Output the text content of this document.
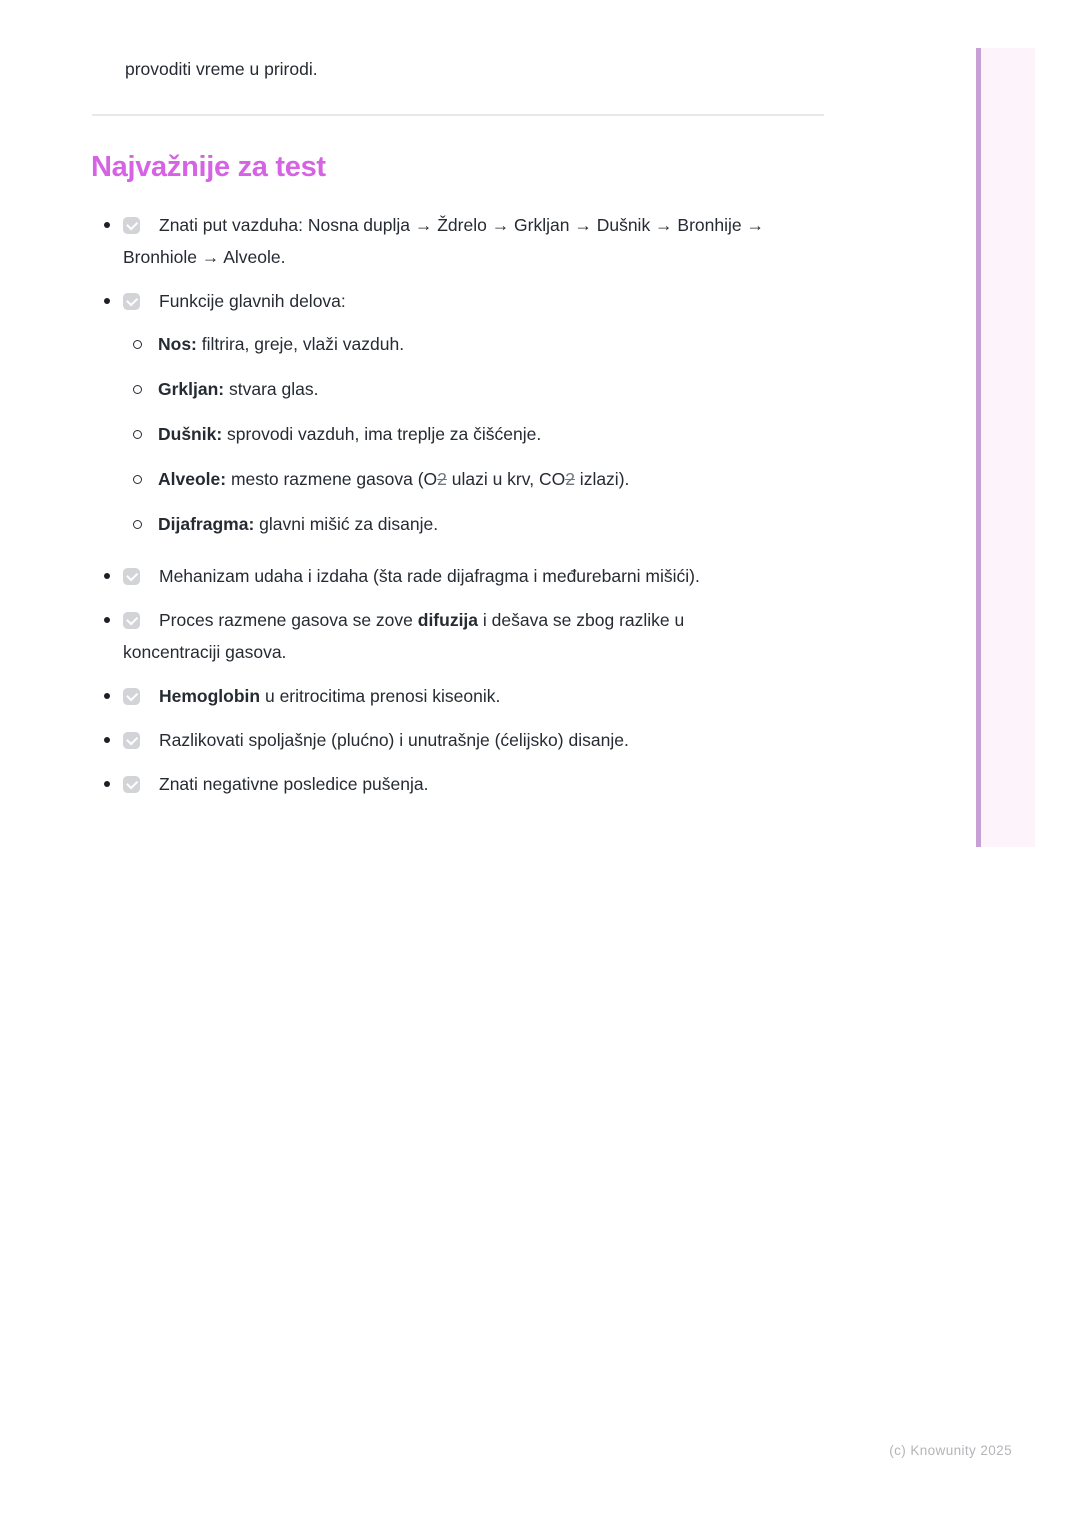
provoditi vreme u prirodi.

Najvažnije za test
Znati put vazduha: Nosna duplja → Ždrelo → Grkljan → Dušnik → Bronhije → Bronhiole → Alveole.
Funkcije glavnih delova:
Nos: filtrira, greje, vlaži vazduh.
Grkljan: stvara glas.
Dušnik: sprovodi vazduh, ima treplje za čišćenje.
Alveole: mesto razmene gasova (O2 ulazi u krv, CO2 izlazi).
Dijafragma: glavni mišić za disanje.
Mehanizam udaha i izdaha (šta rade dijafragma i međurebarni mišići).
Proces razmene gasova se zove difuzija i dešava se zbog razlike u koncentraciji gasova.
Hemoglobin u eritrocitima prenosi kiseonik.
Razlikovati spoljašnje (plućno) i unutrašnje (ćelijsko) disanje.
Znati negativne posledice pušenja.
(c) Knowunity 2025
